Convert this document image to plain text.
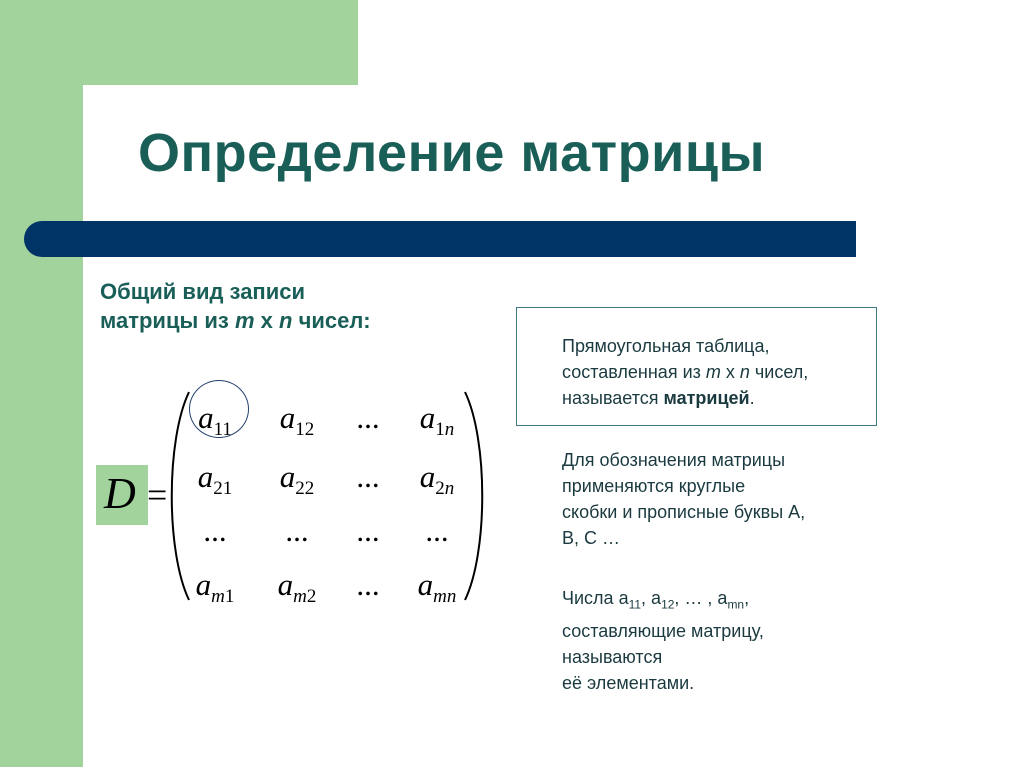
Определение матрицы
Общий вид записи
матрицы из m x n чисел:
D =
$a_{11}$	$a_{12}$	...	$a_{1n}$
$a_{21}$	$a_{22}$	...	$a_{2n}$
...	...	...	...
$a_{m1}$	$a_{m2}$	...	$a_{mn}$
Прямоугольная таблица,
составленная из m x n чисел,
называется матрицей.
Для обозначения матрицы
применяются круглые
скобки и прописные буквы А,
В, С …
Числа $a_{11}$, $a_{12}$, … , $a_{mn}$,
составляющие матрицу,
называются
её элементами.
